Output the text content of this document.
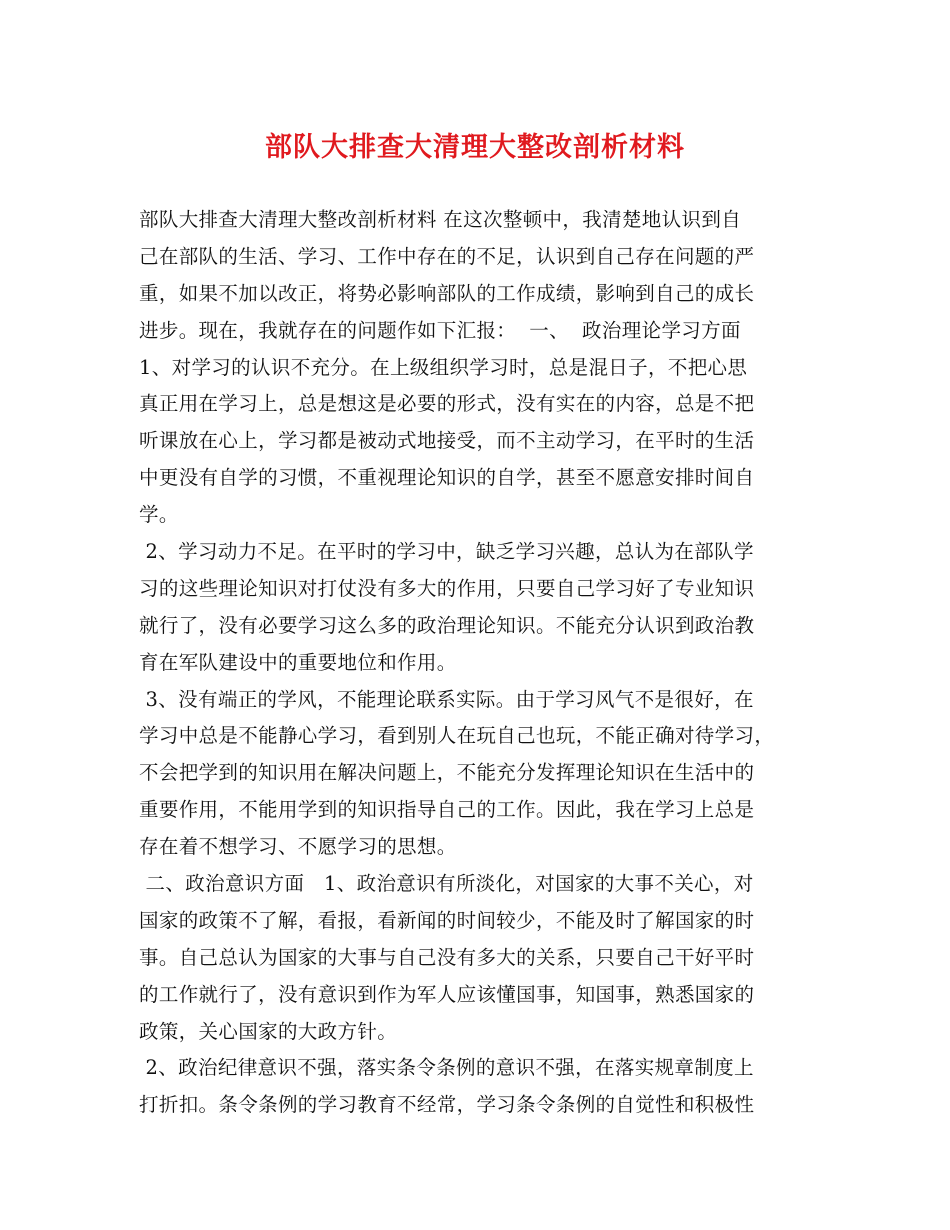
部队大排查大清理大整改剖析材料
部队大排查大清理大整改剖析材料 在这次整顿中，我清楚地认识到自
己在部队的生活、学习、工作中存在的不足，认识到自己存在问题的严
重，如果不加以改正，将势必影响部队的工作成绩，影响到自己的成长
进步。现在，我就存在的问题作如下汇报：  一、  政治理论学习方面
1、对学习的认识不充分。在上级组织学习时，总是混日子，不把心思
真正用在学习上，总是想这是必要的形式，没有实在的内容，总是不把
听课放在心上，学习都是被动式地接受，而不主动学习，在平时的生活
中更没有自学的习惯，不重视理论知识的自学，甚至不愿意安排时间自
学。
2、学习动力不足。在平时的学习中，缺乏学习兴趣，总认为在部队学
习的这些理论知识对打仗没有多大的作用，只要自己学习好了专业知识
就行了，没有必要学习这么多的政治理论知识。不能充分认识到政治教
育在军队建设中的重要地位和作用。
3、没有端正的学风，不能理论联系实际。由于学习风气不是很好，在
学习中总是不能静心学习，看到别人在玩自己也玩，不能正确对待学习，
不会把学到的知识用在解决问题上，不能充分发挥理论知识在生活中的
重要作用，不能用学到的知识指导自己的工作。因此，我在学习上总是
存在着不想学习、不愿学习的思想。
二、政治意识方面   1、政治意识有所淡化，对国家的大事不关心，对
国家的政策不了解，看报，看新闻的时间较少，不能及时了解国家的时
事。自己总认为国家的大事与自己没有多大的关系，只要自己干好平时
的工作就行了，没有意识到作为军人应该懂国事，知国事，熟悉国家的
政策，关心国家的大政方针。
2、政治纪律意识不强，落实条令条例的意识不强，在落实规章制度上
打折扣。条令条例的学习教育不经常，学习条令条例的自觉性和积极性
